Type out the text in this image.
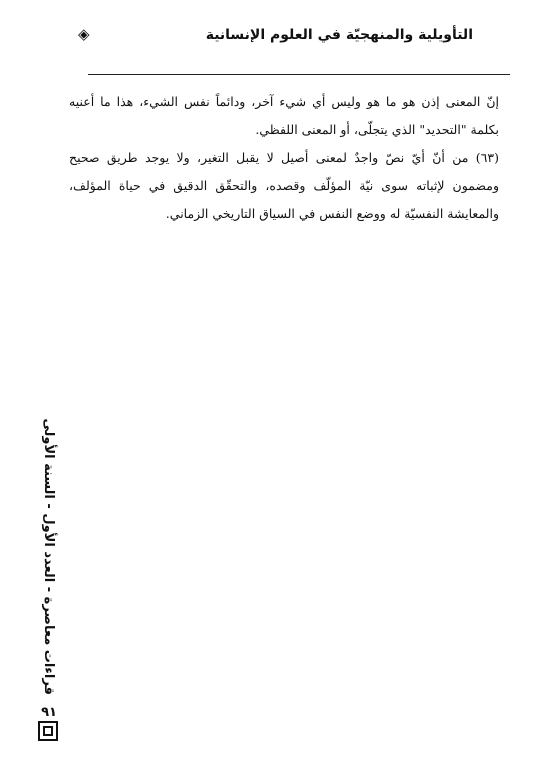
التأويلية والمنهجيّة في العلوم الإنسانية
◈

إنّ المعنى إذن هو ما هو وليس أي شيء آخر، ودائماً نفس الشيء، هذا ما أعنيه بكلمة "التحديد" الذي يتجلّى، أو المعنى اللفظي.

(٦٣) من أنّ أيّ نصّ واجدٌ لمعنى أصيل لا يقبل التغير، ولا يوجد طريق صحيح ومضمون لإثباته سوى نيّة المؤلّف وقصده، والتحقّق الدقيق في حياة المؤلف، والمعايشة النفسيّة له ووضع النفس في السياق التاريخي الزماني.

قراءات معاصرة - العدد الأول - السنة الأولى
٩١
